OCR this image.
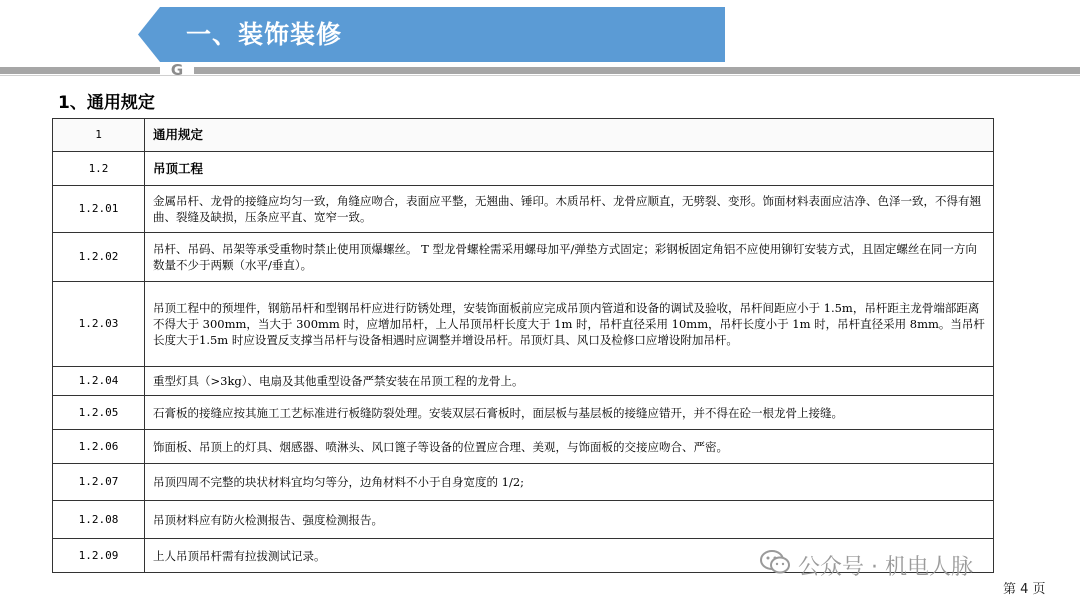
一、装饰装修
G
1、通用规定
1	通用规定
1.2	吊顶工程
1.2.01	金属吊杆、龙骨的接缝应均匀一致，角缝应吻合，表面应平整，无翘曲、锤印。木质吊杆、龙骨应顺直，无劈裂、变形。饰面材料表面应洁净、色泽一致，不得有翘曲、裂缝及缺损，压条应平直、宽窄一致。
1.2.02	吊杆、吊码、吊架等承受重物时禁止使用顶爆螺丝。 T 型龙骨螺栓需采用螺母加平/弹垫方式固定；彩钢板固定角铝不应使用铆钉安装方式，且固定螺丝在同一方向数量不少于两颗（水平/垂直）。
1.2.03	吊顶工程中的预埋件，钢筋吊杆和型钢吊杆应进行防锈处理，安装饰面板前应完成吊顶内管道和设备的调试及验收，吊杆间距应小于 1.5m，吊杆距主龙骨端部距离不得大于 300mm，当大于 300mm 时，应增加吊杆，上人吊顶吊杆长度大于 1m 时，吊杆直径采用 10mm，吊杆长度小于 1m 时，吊杆直径采用 8mm。当吊杆长度大于1.5m 时应设置反支撑当吊杆与设备相遇时应调整并增设吊杆。吊顶灯具、风口及检修口应增设附加吊杆。
1.2.04	重型灯具（>3kg）、电扇及其他重型设备严禁安装在吊顶工程的龙骨上。
1.2.05	石膏板的接缝应按其施工工艺标准进行板缝防裂处理。安装双层石膏板时，面层板与基层板的接缝应错开，并不得在砼一根龙骨上接缝。
1.2.06	饰面板、吊顶上的灯具、烟感器、喷淋头、风口篦子等设备的位置应合理、美观，与饰面板的交接应吻合、严密。
1.2.07	吊顶四周不完整的块状材料宜均匀等分，边角材料不小于自身宽度的 1/2;
1.2.08	吊顶材料应有防火检测报告、强度检测报告。
1.2.09	上人吊顶吊杆需有拉拔测试记录。	公众号 · 机电人脉
第 4 页
